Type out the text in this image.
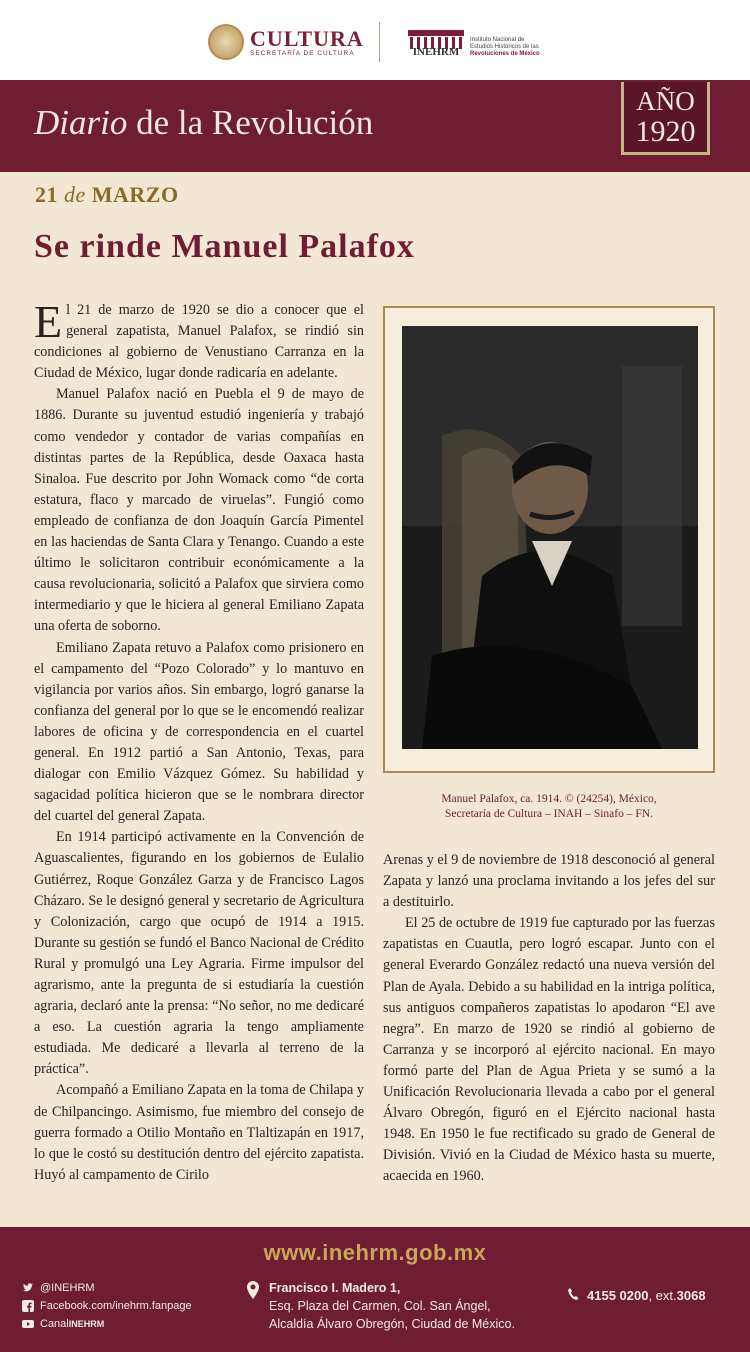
CULTURA
SECRETARÍA DE CULTURA	INEHRM
Instituto Nacional de
Estudios Históricos de las
Revoluciones de México
Diario de la Revolución
AÑO
1920
21 de MARZO
Se rinde Manuel Palafox

El 21 de marzo de 1920 se dio a conocer que el general zapatista, Manuel Palafox, se rindió sin condiciones al gobierno de Venustiano Carranza en la Ciudad de México, lugar donde radicaría en adelante.

Manuel Palafox nació en Puebla el 9 de mayo de 1886. Durante su juventud estudió ingeniería y trabajó como vendedor y contador de varias compañías en distintas partes de la República, desde Oaxaca hasta Sinaloa. Fue descrito por John Womack como “de corta estatura, flaco y marcado de viruelas”. Fungió como empleado de confianza de don Joaquín García Pimentel en las haciendas de Santa Clara y Tenango. Cuando a este último le solicitaron contribuir económicamente a la causa revolucionaria, solicitó a Palafox que sirviera como intermediario y que le hiciera al general Emiliano Zapata una oferta de soborno.

Emiliano Zapata retuvo a Palafox como prisionero en el campamento del “Pozo Colorado” y lo mantuvo en vigilancia por varios años. Sin embargo, logró ganarse la confianza del general por lo que se le encomendó realizar labores de oficina y de correspondencia en el cuartel general. En 1912 partió a San Antonio, Texas, para dialogar con Emilio Vázquez Gómez. Su habilidad y sagacidad política hicieron que se le nombrara director del cuartel del general Zapata.

En 1914 participó activamente en la Convención de Aguascalientes, figurando en los gobiernos de Eulalio Gutiérrez, Roque González Garza y de Francisco Lagos Cházaro. Se le designó general y secretario de Agricultura y Colonización, cargo que ocupó de 1914 a 1915. Durante su gestión se fundó el Banco Nacional de Crédito Rural y promulgó una Ley Agraria. Firme impulsor del agrarismo, ante la pregunta de si estudiaría la cuestión agraria, declaró ante la prensa: “No señor, no me dedicaré a eso. La cuestión agraria la tengo ampliamente estudiada. Me dedicaré a llevarla al terreno de la práctica”.

Acompañó a Emiliano Zapata en la toma de Chilapa y de Chilpancingo. Asimismo, fue miembro del consejo de guerra formado a Otilio Montaño en Tlaltizapán en 1917, lo que le costó su destitución dentro del ejército zapatista. Huyó al campamento de Cirilo

Manuel Palafox, ca. 1914. © (24254), México,
Secretaría de Cultura – INAH – Sinafo – FN.

Arenas y el 9 de noviembre de 1918 desconoció al general Zapata y lanzó una proclama invitando a los jefes del sur a destituirlo.

El 25 de octubre de 1919 fue capturado por las fuerzas zapatistas en Cuautla, pero logró escapar. Junto con el general Everardo González redactó una nueva versión del Plan de Ayala. Debido a su habilidad en la intriga política, sus antiguos compañeros zapatistas lo apodaron “El ave negra”. En marzo de 1920 se rindió al gobierno de Carranza y se incorporó al ejército nacional. En mayo formó parte del Plan de Agua Prieta y se sumó a la Unificación Revolucionaria llevada a cabo por el general Álvaro Obregón, figuró en el Ejército nacional hasta 1948. En 1950 le fue rectificado su grado de General de División. Vivió en la Ciudad de México hasta su muerte, acaecida en 1960.

www.inehrm.gob.mx
@INEHRM
Facebook.com/inehrm.fanpage
Canal INEHRM
Francisco I. Madero 1,
Esq. Plaza del Carmen, Col. San Ángel,
Alcaldía Álvaro Obregón, Ciudad de México.
4155 0200 , ext. 3068
